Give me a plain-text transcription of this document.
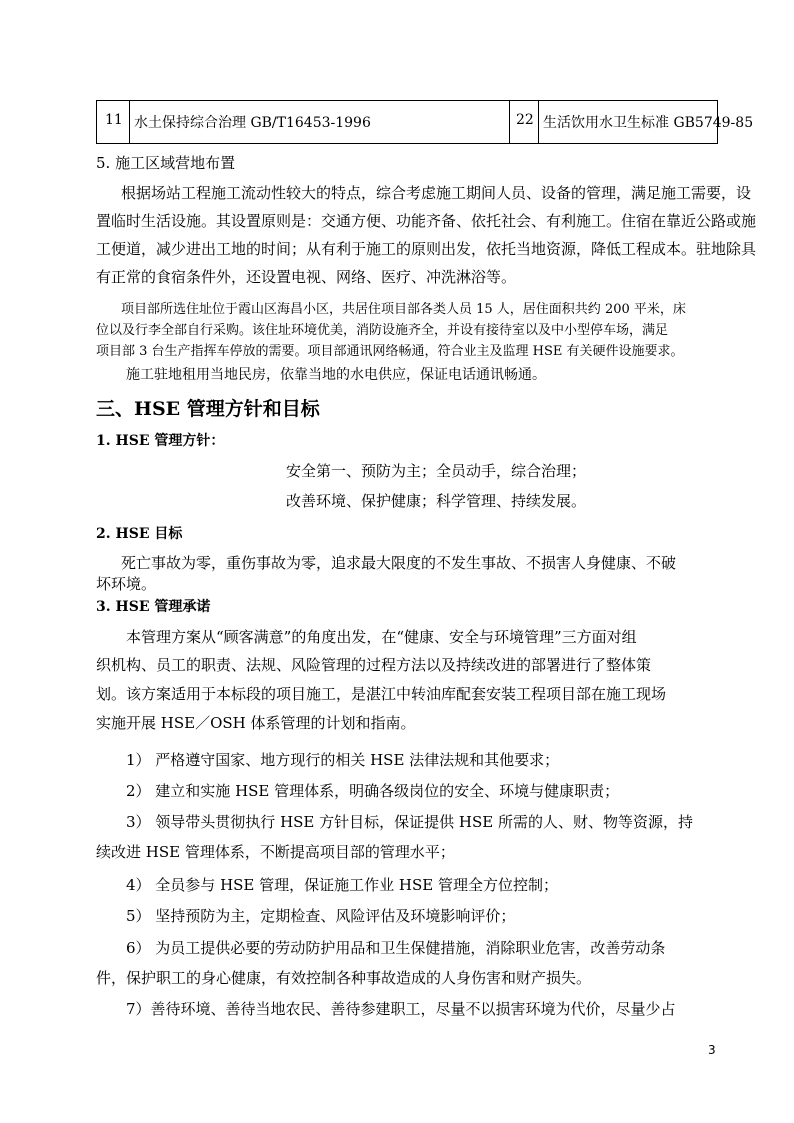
11 水土保持综合治理 GB/T16453-1996	22 生活饮用水卫生标准 GB5749-85
5. 施工区域营地布置
根据场站工程施工流动性较大的特点，综合考虑施工期间人员、设备的管理，满足施工需要，设
置临时生活设施。其设置原则是：交通方便、功能齐备、依托社会、有利施工。住宿在靠近公路或施
工便道，减少进出工地的时间；从有利于施工的原则出发，依托当地资源，降低工程成本。驻地除具
有正常的食宿条件外，还设置电视、网络、医疗、冲洗淋浴等。
项目部所选住址位于霞山区海昌小区，共居住项目部各类人员 15 人，居住面积共约 200 平米，床
位以及行李全部自行采购。该住址环境优美，消防设施齐全，并设有接待室以及中小型停车场，满足
项目部 3 台生产指挥车停放的需要。项目部通讯网络畅通，符合业主及监理 HSE 有关硬件设施要求。
施工驻地租用当地民房，依靠当地的水电供应，保证电话通讯畅通。
三、HSE 管理方针和目标
1. HSE 管理方针：
安全第一、预防为主；全员动手，综合治理；
改善环境、保护健康；科学管理、持续发展。
2. HSE 目标
死亡事故为零，重伤事故为零，追求最大限度的不发生事故、不损害人身健康、不破
坏环境。
3. HSE 管理承诺
本管理方案从“顾客满意”的角度出发，在“健康、安全与环境管理”三方面对组
织机构、员工的职责、法规、风险管理的过程方法以及持续改进的部署进行了整体策
划。该方案适用于本标段的项目施工，是湛江中转油库配套安装工程项目部在施工现场
实施开展 HSE／OSH 体系管理的计划和指南。
1） 严格遵守国家、地方现行的相关 HSE 法律法规和其他要求；
2） 建立和实施 HSE 管理体系，明确各级岗位的安全、环境与健康职责；
3） 领导带头贯彻执行 HSE 方针目标，保证提供 HSE 所需的人、财、物等资源，持
续改进 HSE 管理体系，不断提高项目部的管理水平；
4） 全员参与 HSE 管理，保证施工作业 HSE 管理全方位控制；
5） 坚持预防为主，定期检查、风险评估及环境影响评价；
6） 为员工提供必要的劳动防护用品和卫生保健措施，消除职业危害，改善劳动条
件，保护职工的身心健康，有效控制各种事故造成的人身伤害和财产损失。
7）善待环境、善待当地农民、善待参建职工，尽量不以损害环境为代价，尽量少占
3
